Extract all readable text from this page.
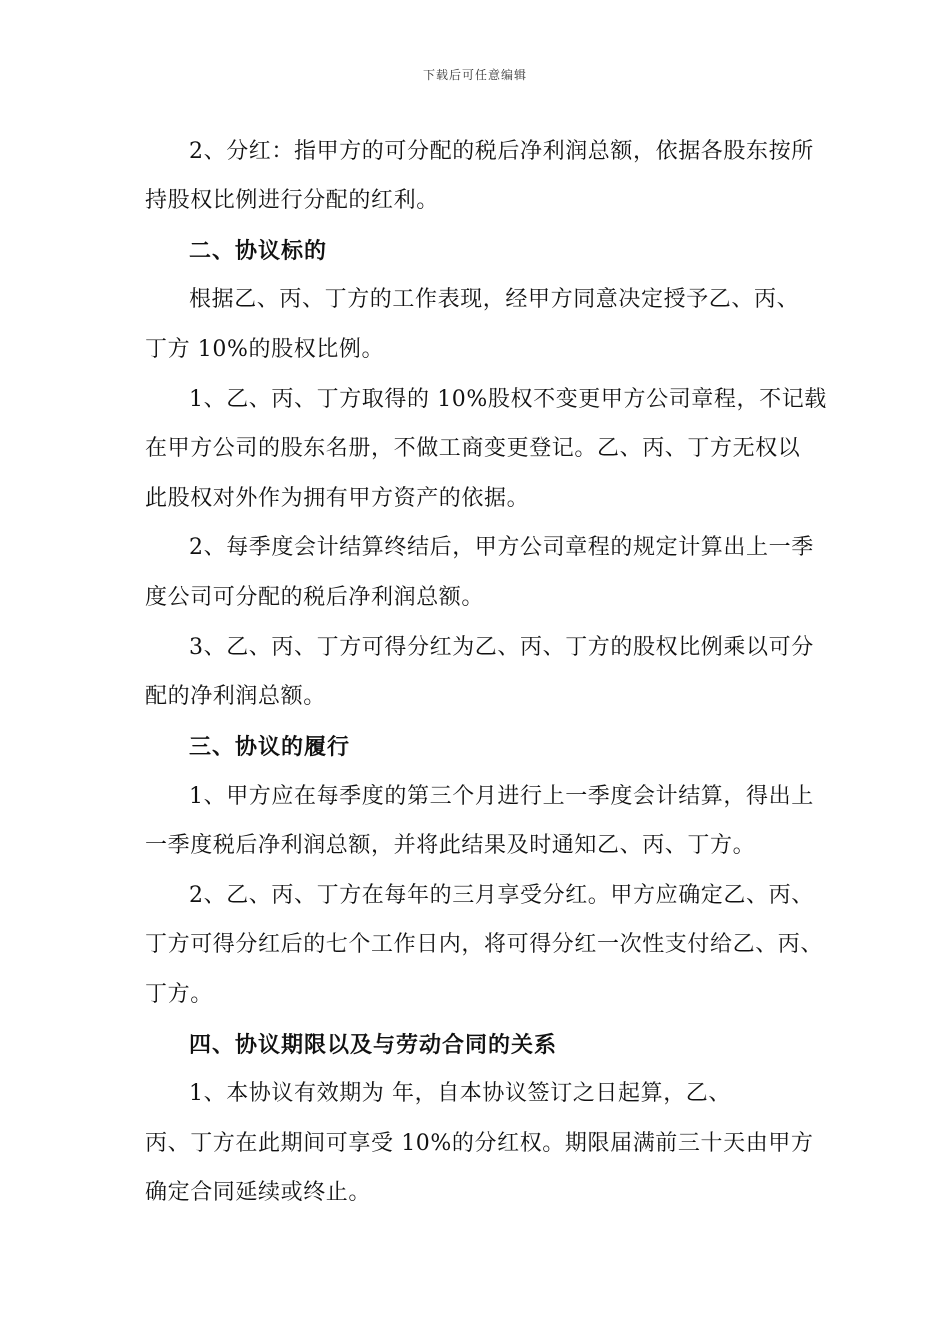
下载后可任意编辑
2、分红：指甲方的可分配的税后净利润总额，依据各股东按所
持股权比例进行分配的红利。
二、协议标的
根据乙、丙、丁方的工作表现，经甲方同意决定授予乙、丙、
丁方 10%的股权比例。
1、乙、丙、丁方取得的 10%股权不变更甲方公司章程，不记载
在甲方公司的股东名册，不做工商变更登记。乙、丙、丁方无权以
此股权对外作为拥有甲方资产的依据。
2、每季度会计结算终结后，甲方公司章程的规定计算出上一季
度公司可分配的税后净利润总额。
3、乙、丙、丁方可得分红为乙、丙、丁方的股权比例乘以可分
配的净利润总额。
三、协议的履行
1、甲方应在每季度的第三个月进行上一季度会计结算，得出上
一季度税后净利润总额，并将此结果及时通知乙、丙、丁方。
2、乙、丙、丁方在每年的三月享受分红。甲方应确定乙、丙、
丁方可得分红后的七个工作日内，将可得分红一次性支付给乙、丙、
丁方。
四、协议期限以及与劳动合同的关系
1、本协议有效期为 年，自本协议签订之日起算，乙、
丙、丁方在此期间可享受 10%的分红权。期限届满前三十天由甲方
确定合同延续或终止。
